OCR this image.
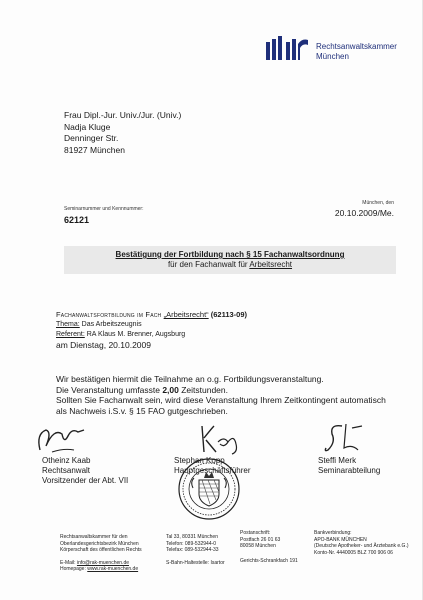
Rechtsanwaltskammer
München
Frau Dipl.-Jur. Univ./Jur. (Univ.)
Nadja Kluge
Denninger Str.
81927 München
Seminarnummer und Kennnummer:
62121
München, den
20.10.2009/Me.
Bestätigung der Fortbildung nach § 15 Fachanwaltsordnung
für den Fachanwalt für Arbeitsrecht
Fachanwaltsfortbildung im Fach „Arbeitsrecht“ (62113-09)
Thema: Das Arbeitszeugnis
Referent: RA Klaus M. Brenner, Augsburg
am Dienstag, 20.10.2009
Wir bestätigen hiermit die Teilnahme an o.g. Fortbildungsveranstaltung.
Die Veranstaltung umfasste 2,00 Zeitstunden.
Sollten Sie Fachanwalt sein, wird diese Veranstaltung Ihrem Zeitkontingent automatisch
als Nachweis i.S.v. § 15 FAO gutgeschrieben.
Otheinz Kaab
Rechtsanwalt
Vorsitzender der Abt. VII
Stephan Kopp
Hauptgeschäftsführer
Steffi Merk
Seminarabteilung
Rechtsanwaltskammer für den
Oberlandesgerichtsbezirk München
Körperschaft des öffentlichen Rechts
E-Mail: info@rak-muenchen.de
Homepage: www.rak-muenchen.de
Tal 33, 80331 München
Telefon: 089-532944-0
Telefax: 089-532944-33
S-Bahn-Haltestelle: Isartor
Postanschrift:
Postfach 26 01 63
80058 München
Gerichts-Schrankfach 191
Bankverbindung:
APO-BANK MÜNCHEN
(Deutsche Apotheker- und Ärztebank e.G.)
Konto-Nr. 4440005 BLZ 700 906 06
